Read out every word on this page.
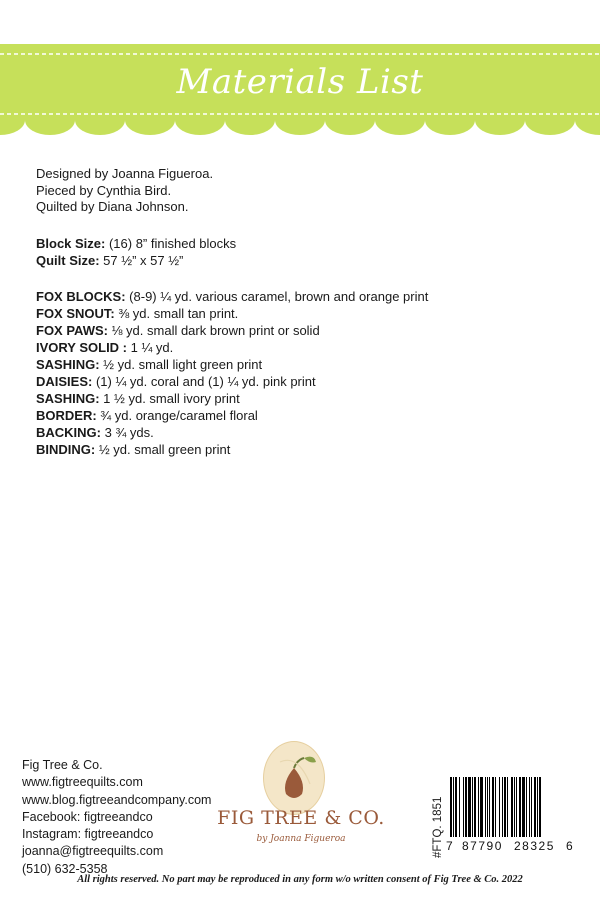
Materials List
Designed by Joanna Figueroa.
Pieced by Cynthia Bird.
Quilted by Diana Johnson.
Block Size: (16) 8” finished blocks
Quilt Size: 57 ½” x 57 ½”
FOX BLOCKS: (8-9) ¼ yd. various caramel, brown and orange print
FOX SNOUT: ⅜ yd. small tan print.
FOX PAWS: ⅛ yd. small dark brown print or solid
IVORY SOLID : 1 ¼ yd.
SASHING: ½ yd. small light green print
DAISIES: (1) ¼ yd. coral and (1) ¼ yd. pink print
SASHING: 1 ½ yd. small ivory print
BORDER: ¾ yd. orange/caramel floral
BACKING: 3 ¾ yds.
BINDING: ½ yd. small green print
Fig Tree & Co.
www.figtreequilts.com
www.blog.figtreeandcompany.com
Facebook: figtreeandco
Instagram: figtreeandco
joanna@figtreequilts.com
(510) 632-5358
FIG TREE & CO.
by Joanna Figueroa	#FTQ. 1851 7 87790 28325 6
All rights reserved. No part may be reproduced in any form w/o written consent of Fig Tree & Co. 2022
